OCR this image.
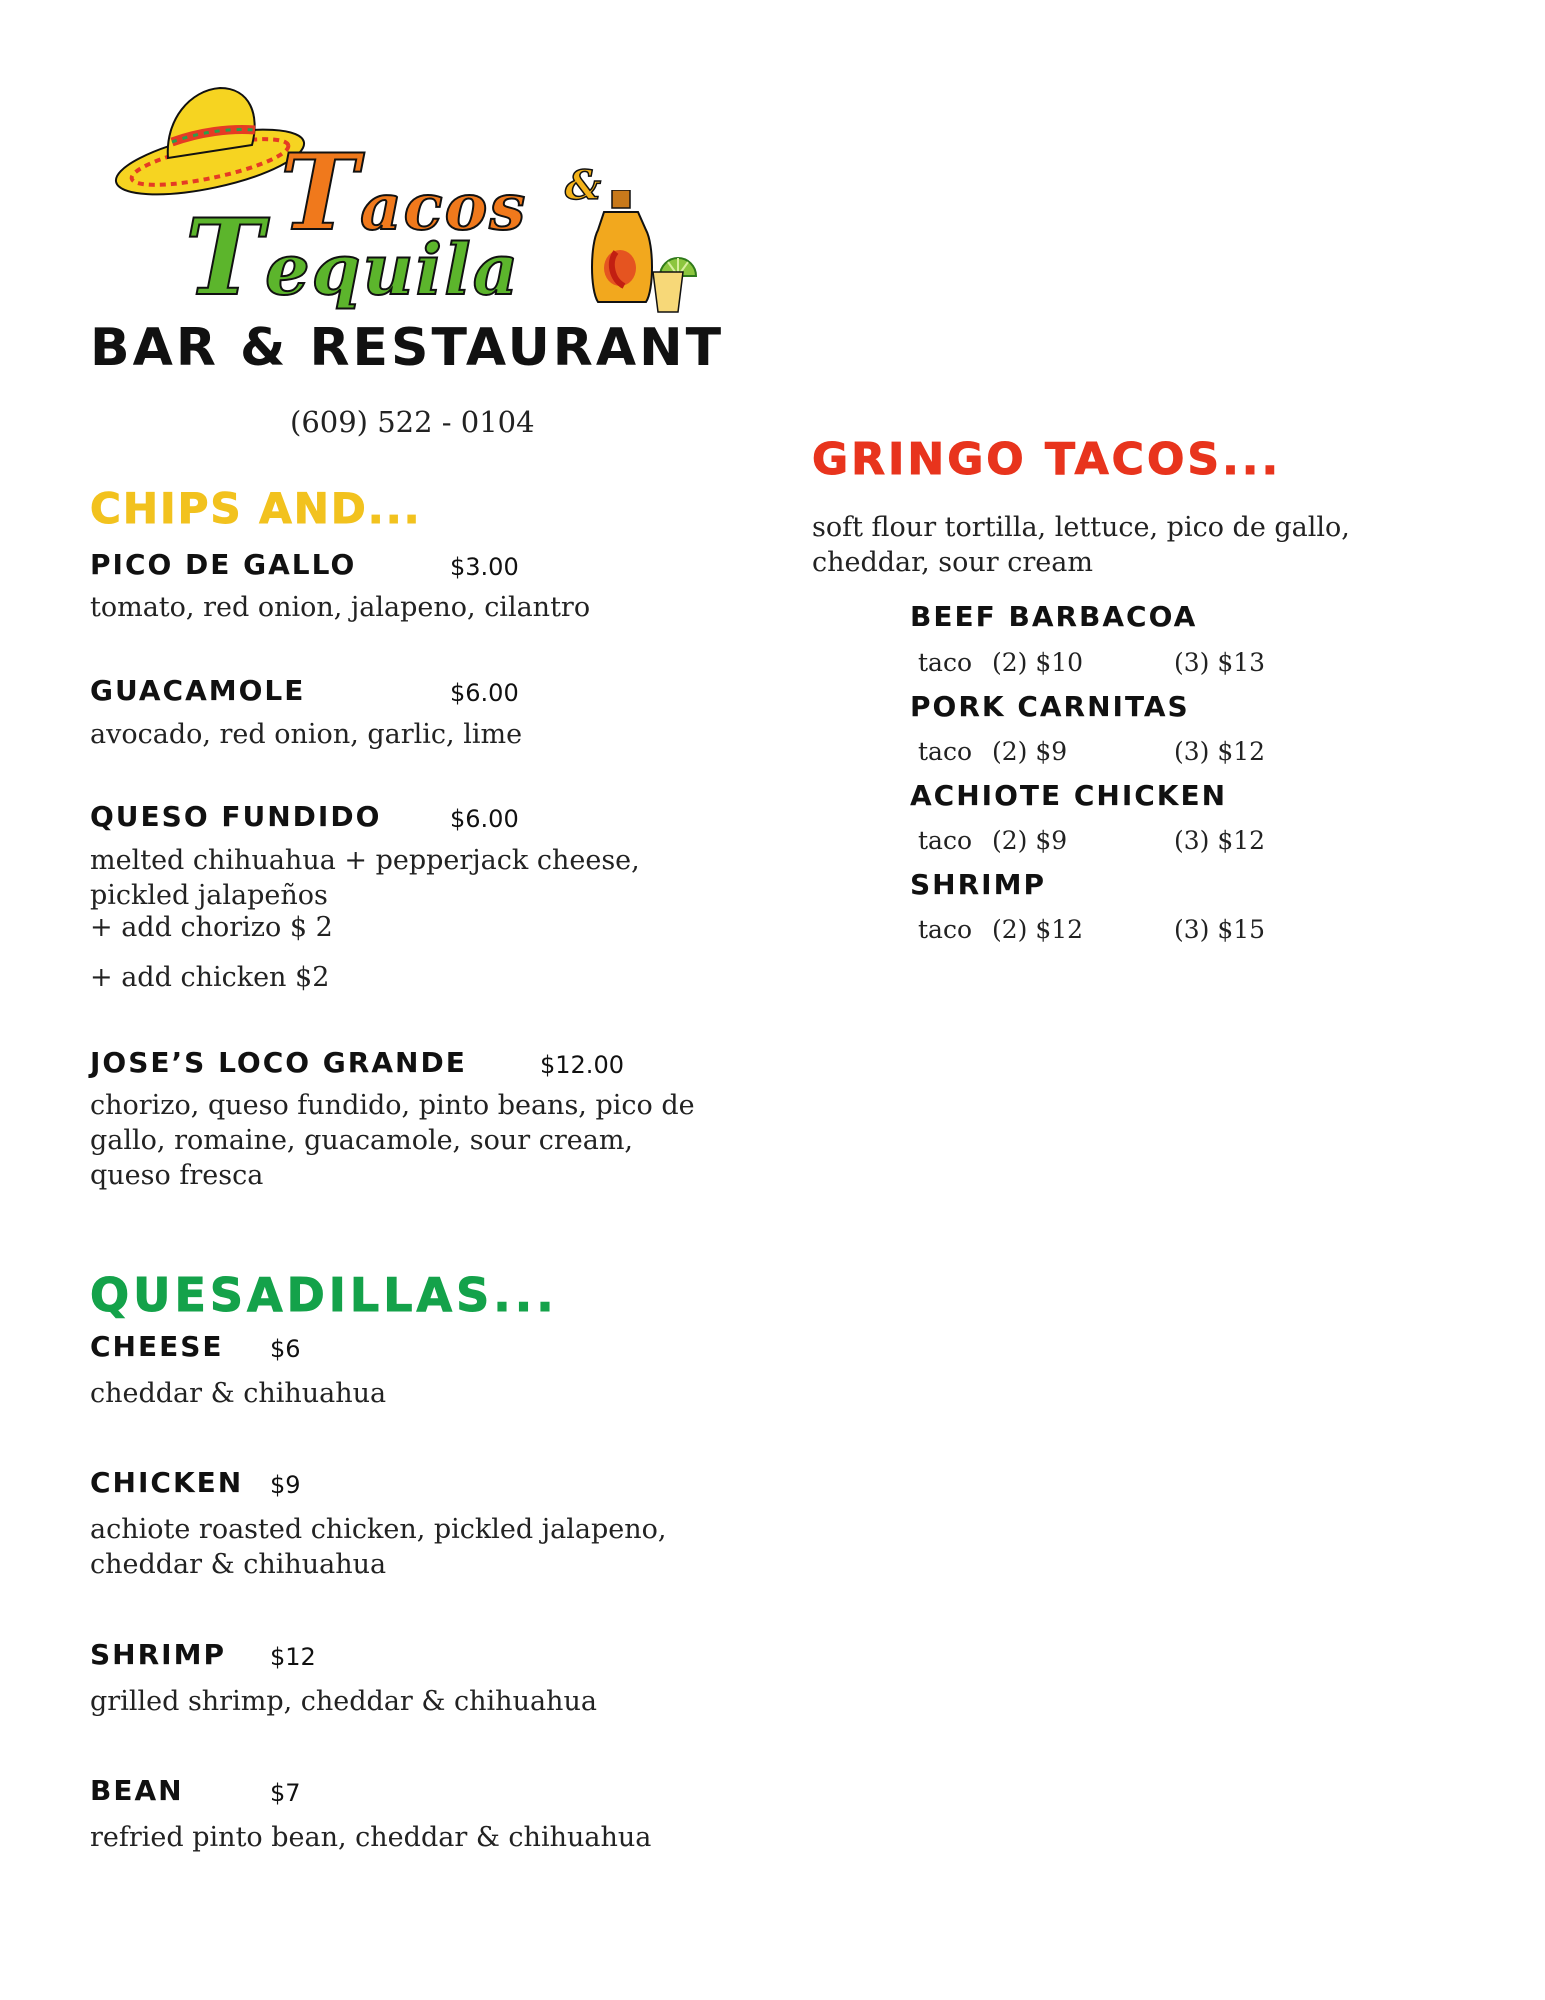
Tacos &
Tequila
BAR & RESTAURANT
(609) 522 - 0104
CHIPS AND...
PICO DE GALLO	$3.00
tomato, red onion, jalapeno, cilantro
GUACAMOLE	$6.00
avocado, red onion, garlic, lime
QUESO FUNDIDO	$6.00
melted chihuahua + pepperjack cheese, pickled jalapeños
+ add chorizo $ 2
+ add chicken $2
JOSE’S LOCO GRANDE	$12.00
chorizo, queso fundido, pinto beans, pico de gallo, romaine, guacamole, sour cream, queso fresca
QUESADILLAS...
CHEESE $6
cheddar & chihuahua
CHICKEN $9
achiote roasted chicken, pickled jalapeno, cheddar & chihuahua
SHRIMP $12
grilled shrimp, cheddar & chihuahua
BEAN	$7
refried pinto bean, cheddar & chihuahua
GRINGO TACOS...
soft flour tortilla, lettuce, pico de gallo, cheddar, sour cream
BEEF BARBACOA
taco (2) $10	(3) $13
PORK CARNITAS
taco (2) $9	(3) $12
ACHIOTE CHICKEN
taco (2) $9	(3) $12
SHRIMP
taco (2) $12	(3) $15
